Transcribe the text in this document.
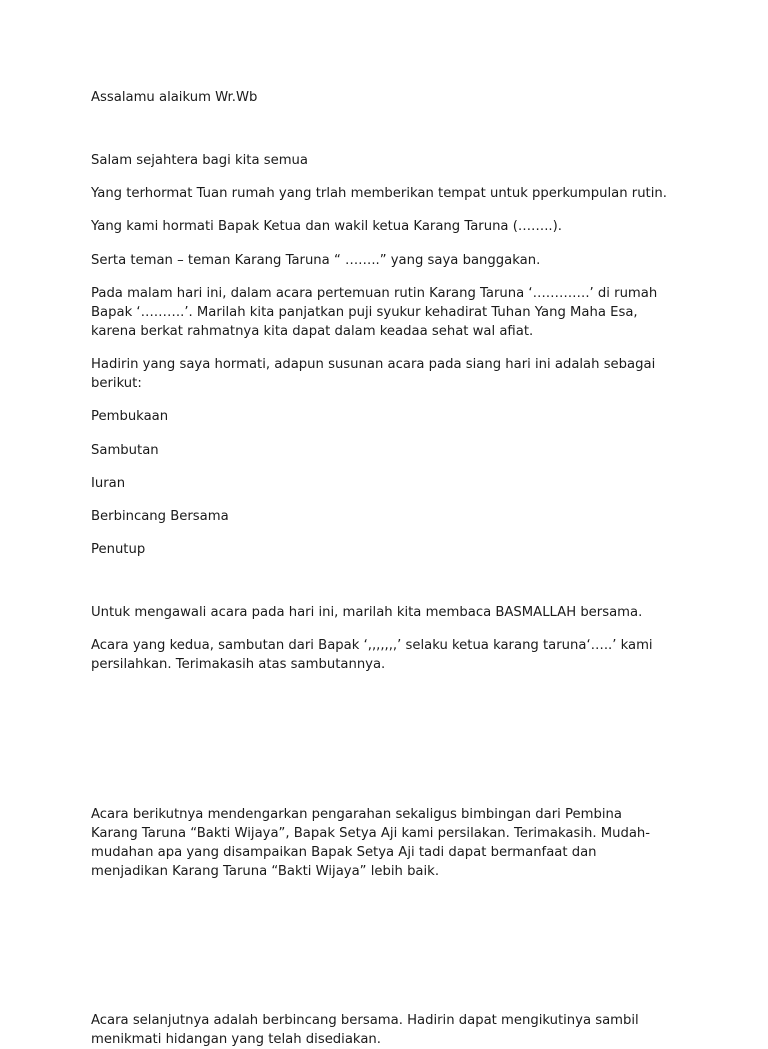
Assalamu alaikum Wr.Wb

Salam sejahtera bagi kita semua

Yang terhormat Tuan rumah yang trlah memberikan tempat untuk pperkumpulan rutin.

Yang kami hormati Bapak Ketua dan wakil ketua Karang Taruna (……..).

Serta teman – teman Karang Taruna “ ……..” yang saya banggakan.

Pada malam hari ini, dalam acara pertemuan rutin Karang Taruna ‘………….’ di rumah Bapak ‘……….’. Marilah kita panjatkan puji syukur kehadirat Tuhan Yang Maha Esa, karena berkat rahmatnya kita dapat dalam keadaa sehat wal afiat.

Hadirin yang saya hormati, adapun susunan acara pada siang hari ini adalah sebagai berikut:

Pembukaan

Sambutan

Iuran

Berbincang Bersama

Penutup

Untuk mengawali acara pada hari ini, marilah kita membaca BASMALLAH bersama.

Acara yang kedua, sambutan dari Bapak ‘,,,,,,,’ selaku ketua karang taruna‘…..’ kami persilahkan. Terimakasih atas sambutannya.

Acara berikutnya mendengarkan pengarahan sekaligus bimbingan dari Pembina Karang Taruna “Bakti Wijaya”, Bapak Setya Aji kami persilakan. Terimakasih. Mudah-mudahan apa yang disampaikan Bapak Setya Aji tadi dapat bermanfaat dan menjadikan Karang Taruna “Bakti Wijaya” lebih baik.

Acara selanjutnya adalah berbincang bersama. Hadirin dapat mengikutinya sambil menikmati hidangan yang telah disediakan.
